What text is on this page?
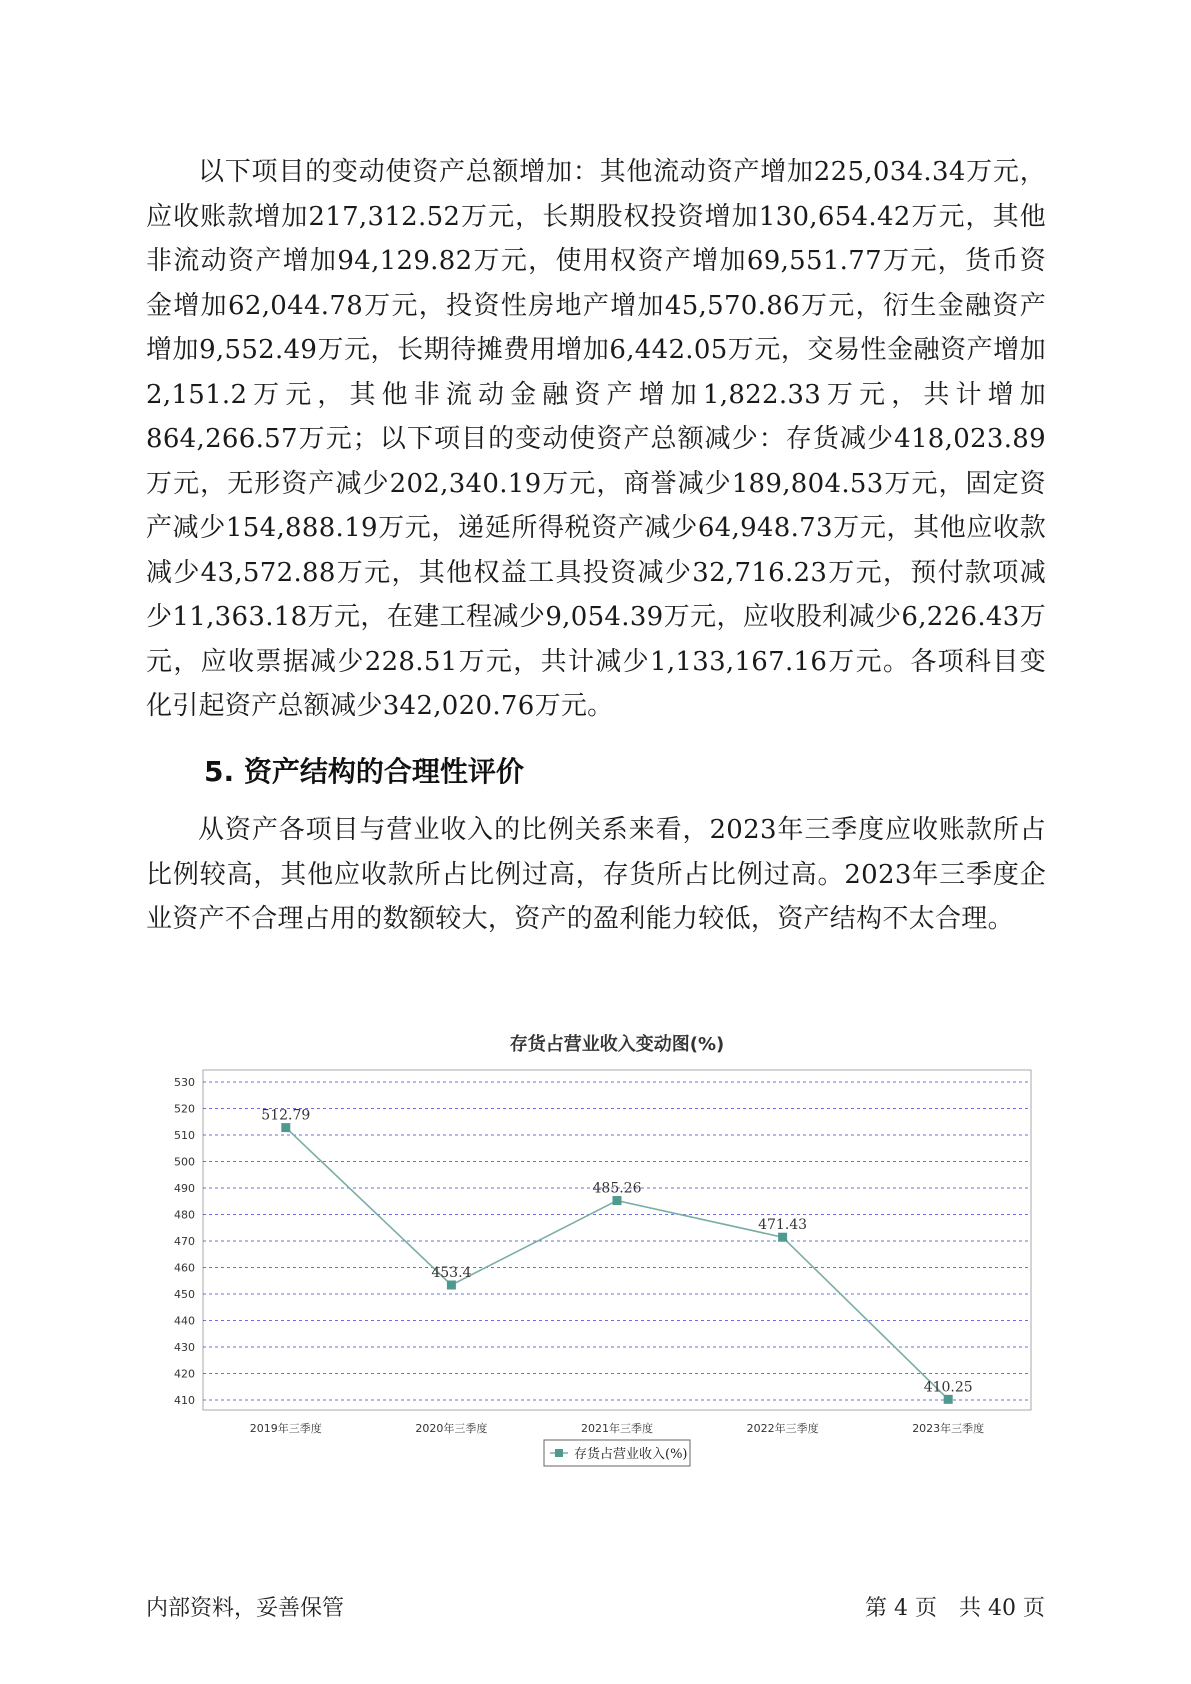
以下项目的变动使资产总额增加：其他流动资产增加225,034.34万元，应收账款增加217,312.52万元，长期股权投资增加130,654.42万元，其他非流动资产增加94,129.82万元，使用权资产增加69,551.77万元，货币资金增加62,044.78万元，投资性房地产增加45,570.86万元，衍生金融资产增加9,552.49万元，长期待摊费用增加6,442.05万元，交易性金融资产增加2,151.2万元，其他非流动金融资产增加1,822.33万元，共计增加864,266.57万元；以下项目的变动使资产总额减少：存货减少418,023.89万元，无形资产减少202,340.19万元，商誉减少189,804.53万元，固定资产减少154,888.19万元，递延所得税资产减少64,948.73万元，其他应收款减少43,572.88万元，其他权益工具投资减少32,716.23万元，预付款项减少11,363.18万元，在建工程减少9,054.39万元，应收股利减少6,226.43万元，应收票据减少228.51万元，共计减少1,133,167.16万元。各项科目变化引起资产总额减少342,020.76万元。

5. 资产结构的合理性评价

从资产各项目与营业收入的比例关系来看，2023年三季度应收账款所占比例较高，其他应收款所占比例过高，存货所占比例过高。2023年三季度企业资产不合理占用的数额较大，资产的盈利能力较低，资产结构不太合理。

存货占营业收入变动图(%)
410
420
430
440
450
460
470
480
490
500
510
520
530
2019年三季度	2020年三季度	2021年三季度	2022年三季度	2023年三季度
512.79
453.4
485.26
471.43
410.25
存货占营业收入(%)
内部资料，妥善保管	第 4 页　共 40 页
